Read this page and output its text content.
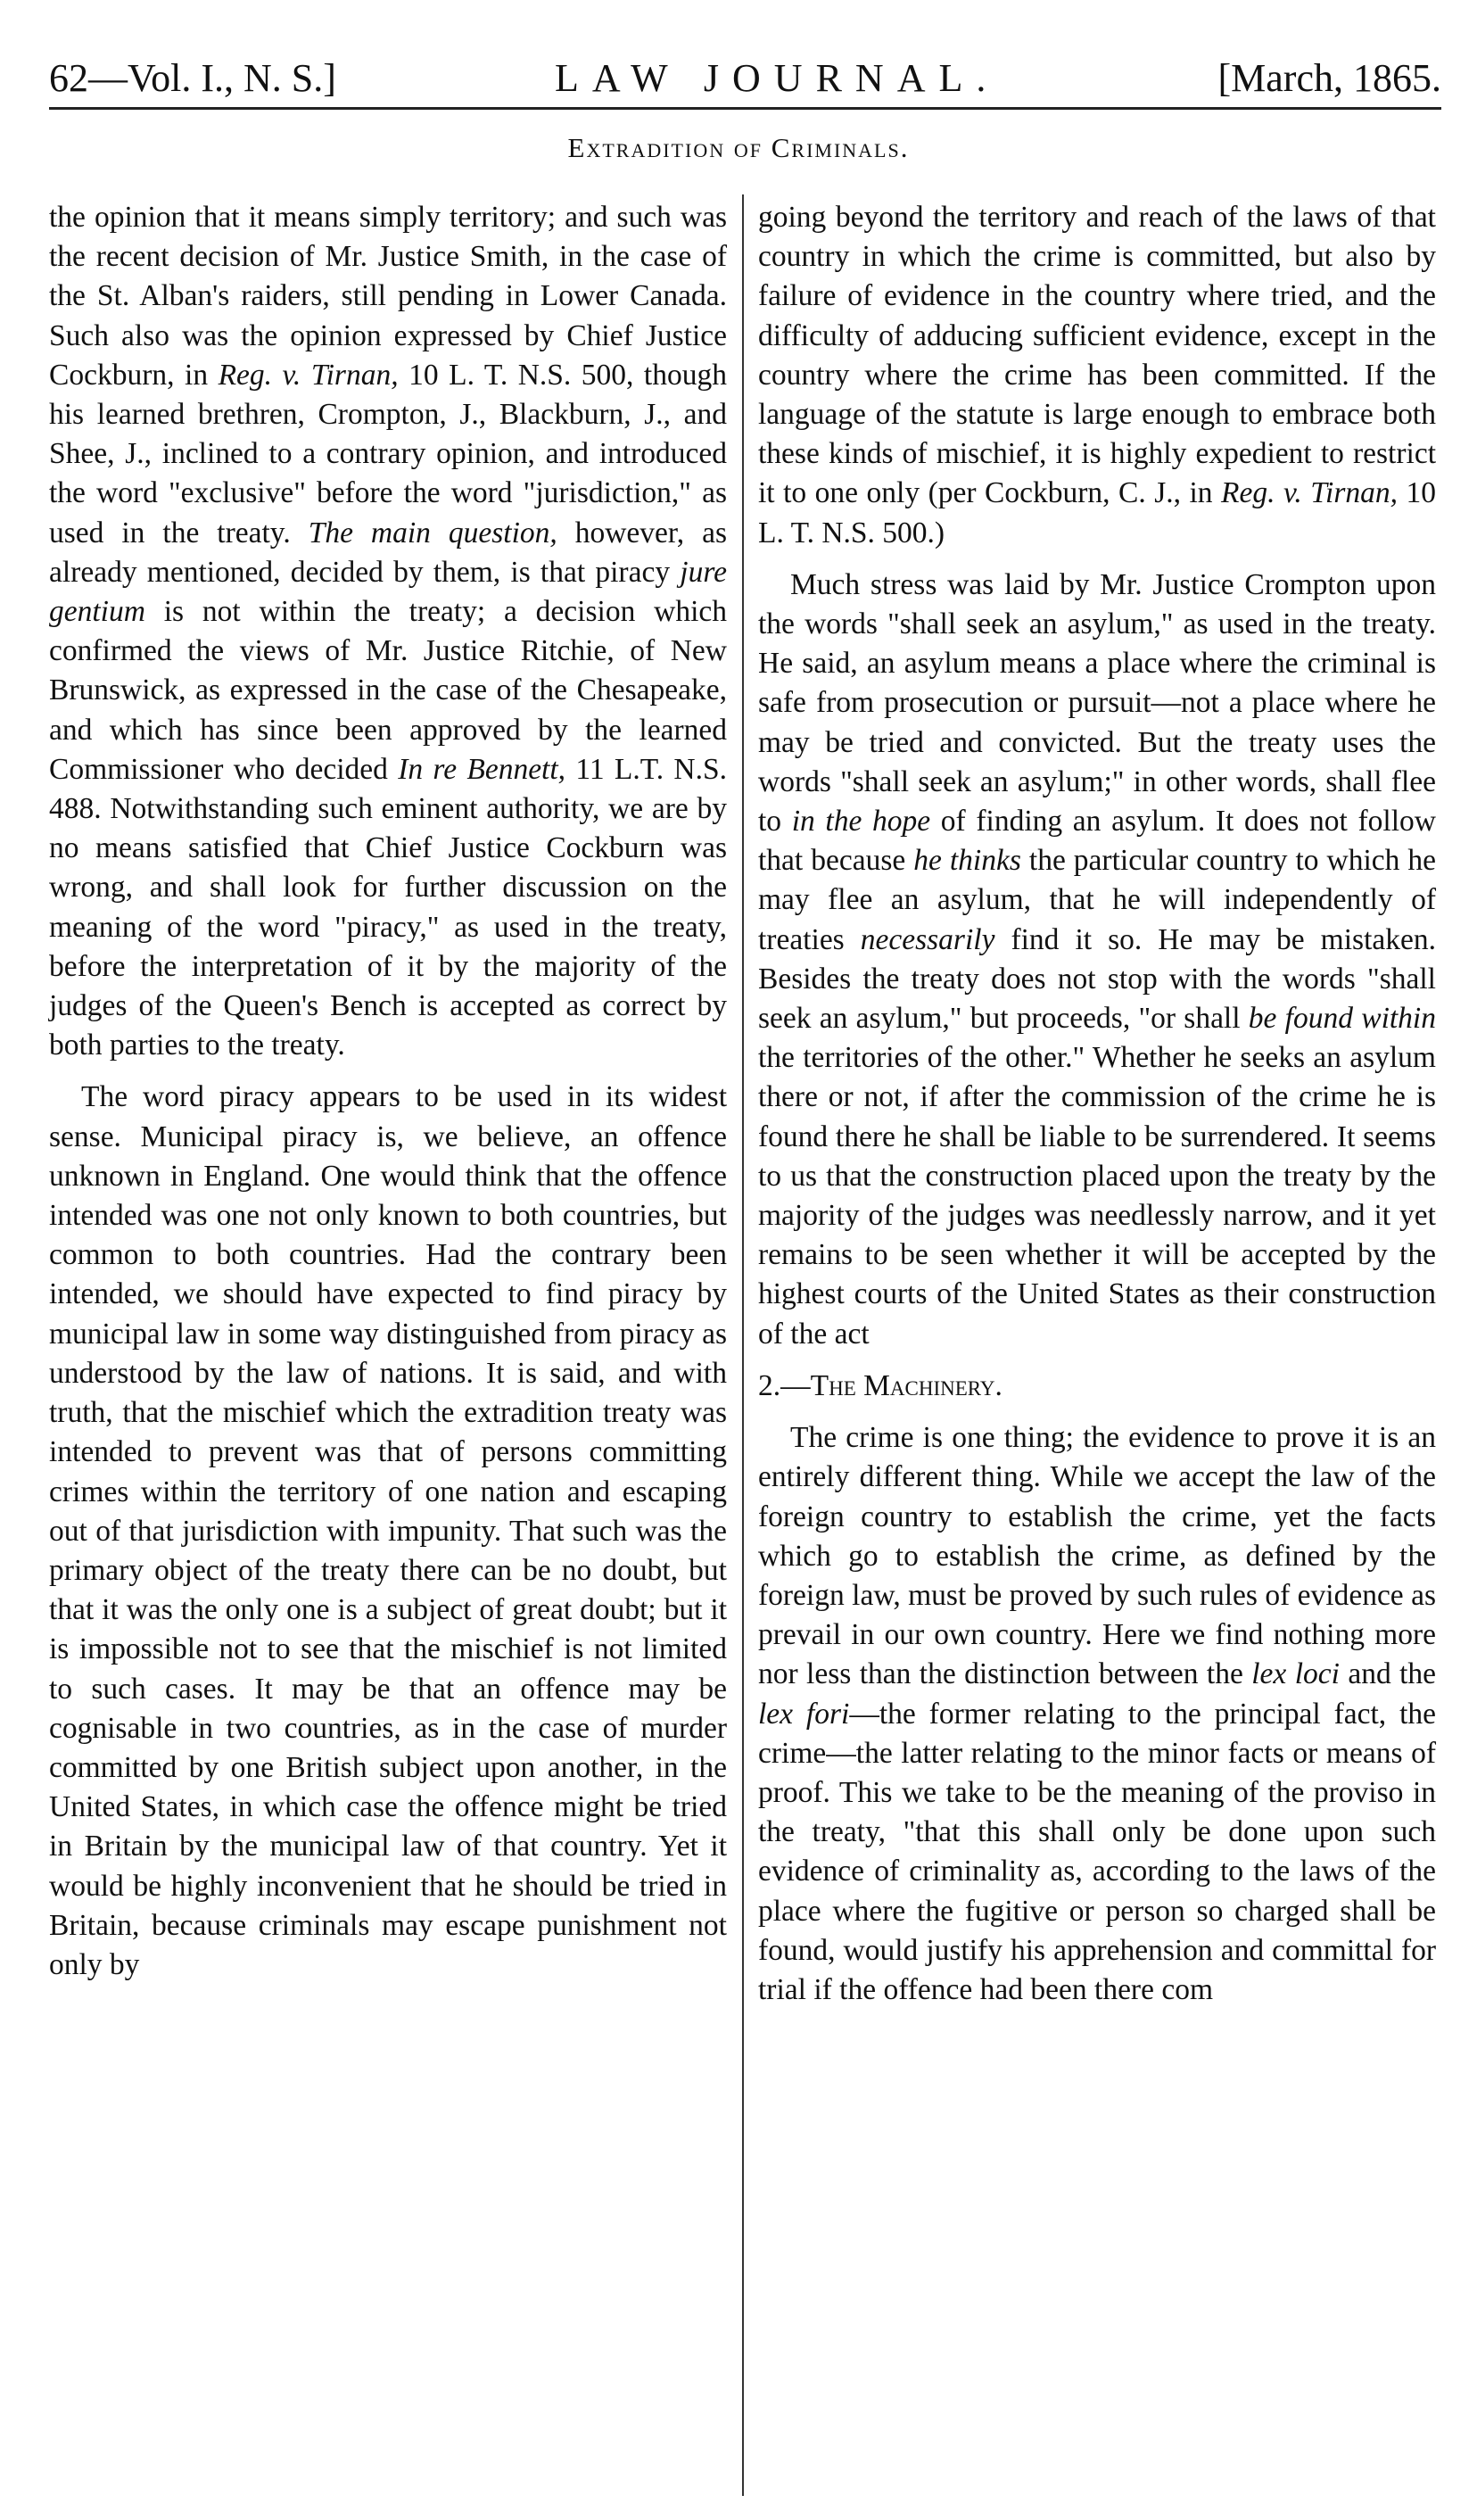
62—Vol. I., N. S.]	LAW JOURNAL.	[March, 1865.
Extradition of Criminals.

the opinion that it means simply territory; and such was the recent decision of Mr. Justice Smith, in the case of the St. Alban's raiders, still pending in Lower Canada. Such also was the opinion expressed by Chief Justice Cockburn, in Reg. v. Tirnan, 10 L. T. N.S. 500, though his learned brethren, Crompton, J., Blackburn, J., and Shee, J., inclined to a contrary opinion, and introduced the word "exclusive" before the word "jurisdiction," as used in the treaty. The main question, however, as already mentioned, decided by them, is that piracy jure gentium is not within the treaty; a decision which confirmed the views of Mr. Justice Ritchie, of New Brunswick, as expressed in the case of the Chesapeake, and which has since been approved by the learned Commissioner who decided In re Bennett, 11 L.T. N.S. 488. Notwithstanding such eminent authority, we are by no means satisfied that Chief Justice Cockburn was wrong, and shall look for further discussion on the meaning of the word "piracy," as used in the treaty, before the interpretation of it by the majority of the judges of the Queen's Bench is accepted as correct by both parties to the treaty.

The word piracy appears to be used in its widest sense. Municipal piracy is, we believe, an offence unknown in England. One would think that the offence intended was one not only known to both countries, but common to both countries. Had the contrary been intended, we should have expected to find piracy by municipal law in some way distinguished from piracy as understood by the law of nations. It is said, and with truth, that the mischief which the extradition treaty was intended to prevent was that of persons committing crimes within the territory of one nation and escaping out of that jurisdiction with impunity. That such was the primary object of the treaty there can be no doubt, but that it was the only one is a subject of great doubt; but it is impossible not to see that the mischief is not limited to such cases. It may be that an offence may be cognisable in two countries, as in the case of murder committed by one British subject upon another, in the United States, in which case the offence might be tried in Britain by the municipal law of that country. Yet it would be highly inconvenient that he should be tried in Britain, because criminals may escape punishment not only by

going beyond the territory and reach of the laws of that country in which the crime is committed, but also by failure of evidence in the country where tried, and the difficulty of adducing sufficient evidence, except in the country where the crime has been committed. If the language of the statute is large enough to embrace both these kinds of mischief, it is highly expedient to restrict it to one only (per Cockburn, C. J., in Reg. v. Tirnan, 10 L. T. N.S. 500.)

Much stress was laid by Mr. Justice Crompton upon the words "shall seek an asylum," as used in the treaty. He said, an asylum means a place where the criminal is safe from prosecution or pursuit—not a place where he may be tried and convicted. But the treaty uses the words "shall seek an asylum;" in other words, shall flee to in the hope of finding an asylum. It does not follow that because he thinks the particular country to which he may flee an asylum, that he will independently of treaties necessarily find it so. He may be mistaken. Besides the treaty does not stop with the words "shall seek an asylum," but proceeds, "or shall be found within the territories of the other." Whether he seeks an asylum there or not, if after the commission of the crime he is found there he shall be liable to be surrendered. It seems to us that the construction placed upon the treaty by the majority of the judges was needlessly narrow, and it yet remains to be seen whether it will be accepted by the highest courts of the United States as their construction of the act

2.—The Machinery.

The crime is one thing; the evidence to prove it is an entirely different thing. While we accept the law of the foreign country to establish the crime, yet the facts which go to establish the crime, as defined by the foreign law, must be proved by such rules of evidence as prevail in our own country. Here we find nothing more nor less than the distinction between the lex loci and the lex fori—the former relating to the principal fact, the crime—the latter relating to the minor facts or means of proof. This we take to be the meaning of the proviso in the treaty, "that this shall only be done upon such evidence of criminality as, according to the laws of the place where the fugitive or person so charged shall be found, would justify his apprehension and committal for trial if the offence had been there com
